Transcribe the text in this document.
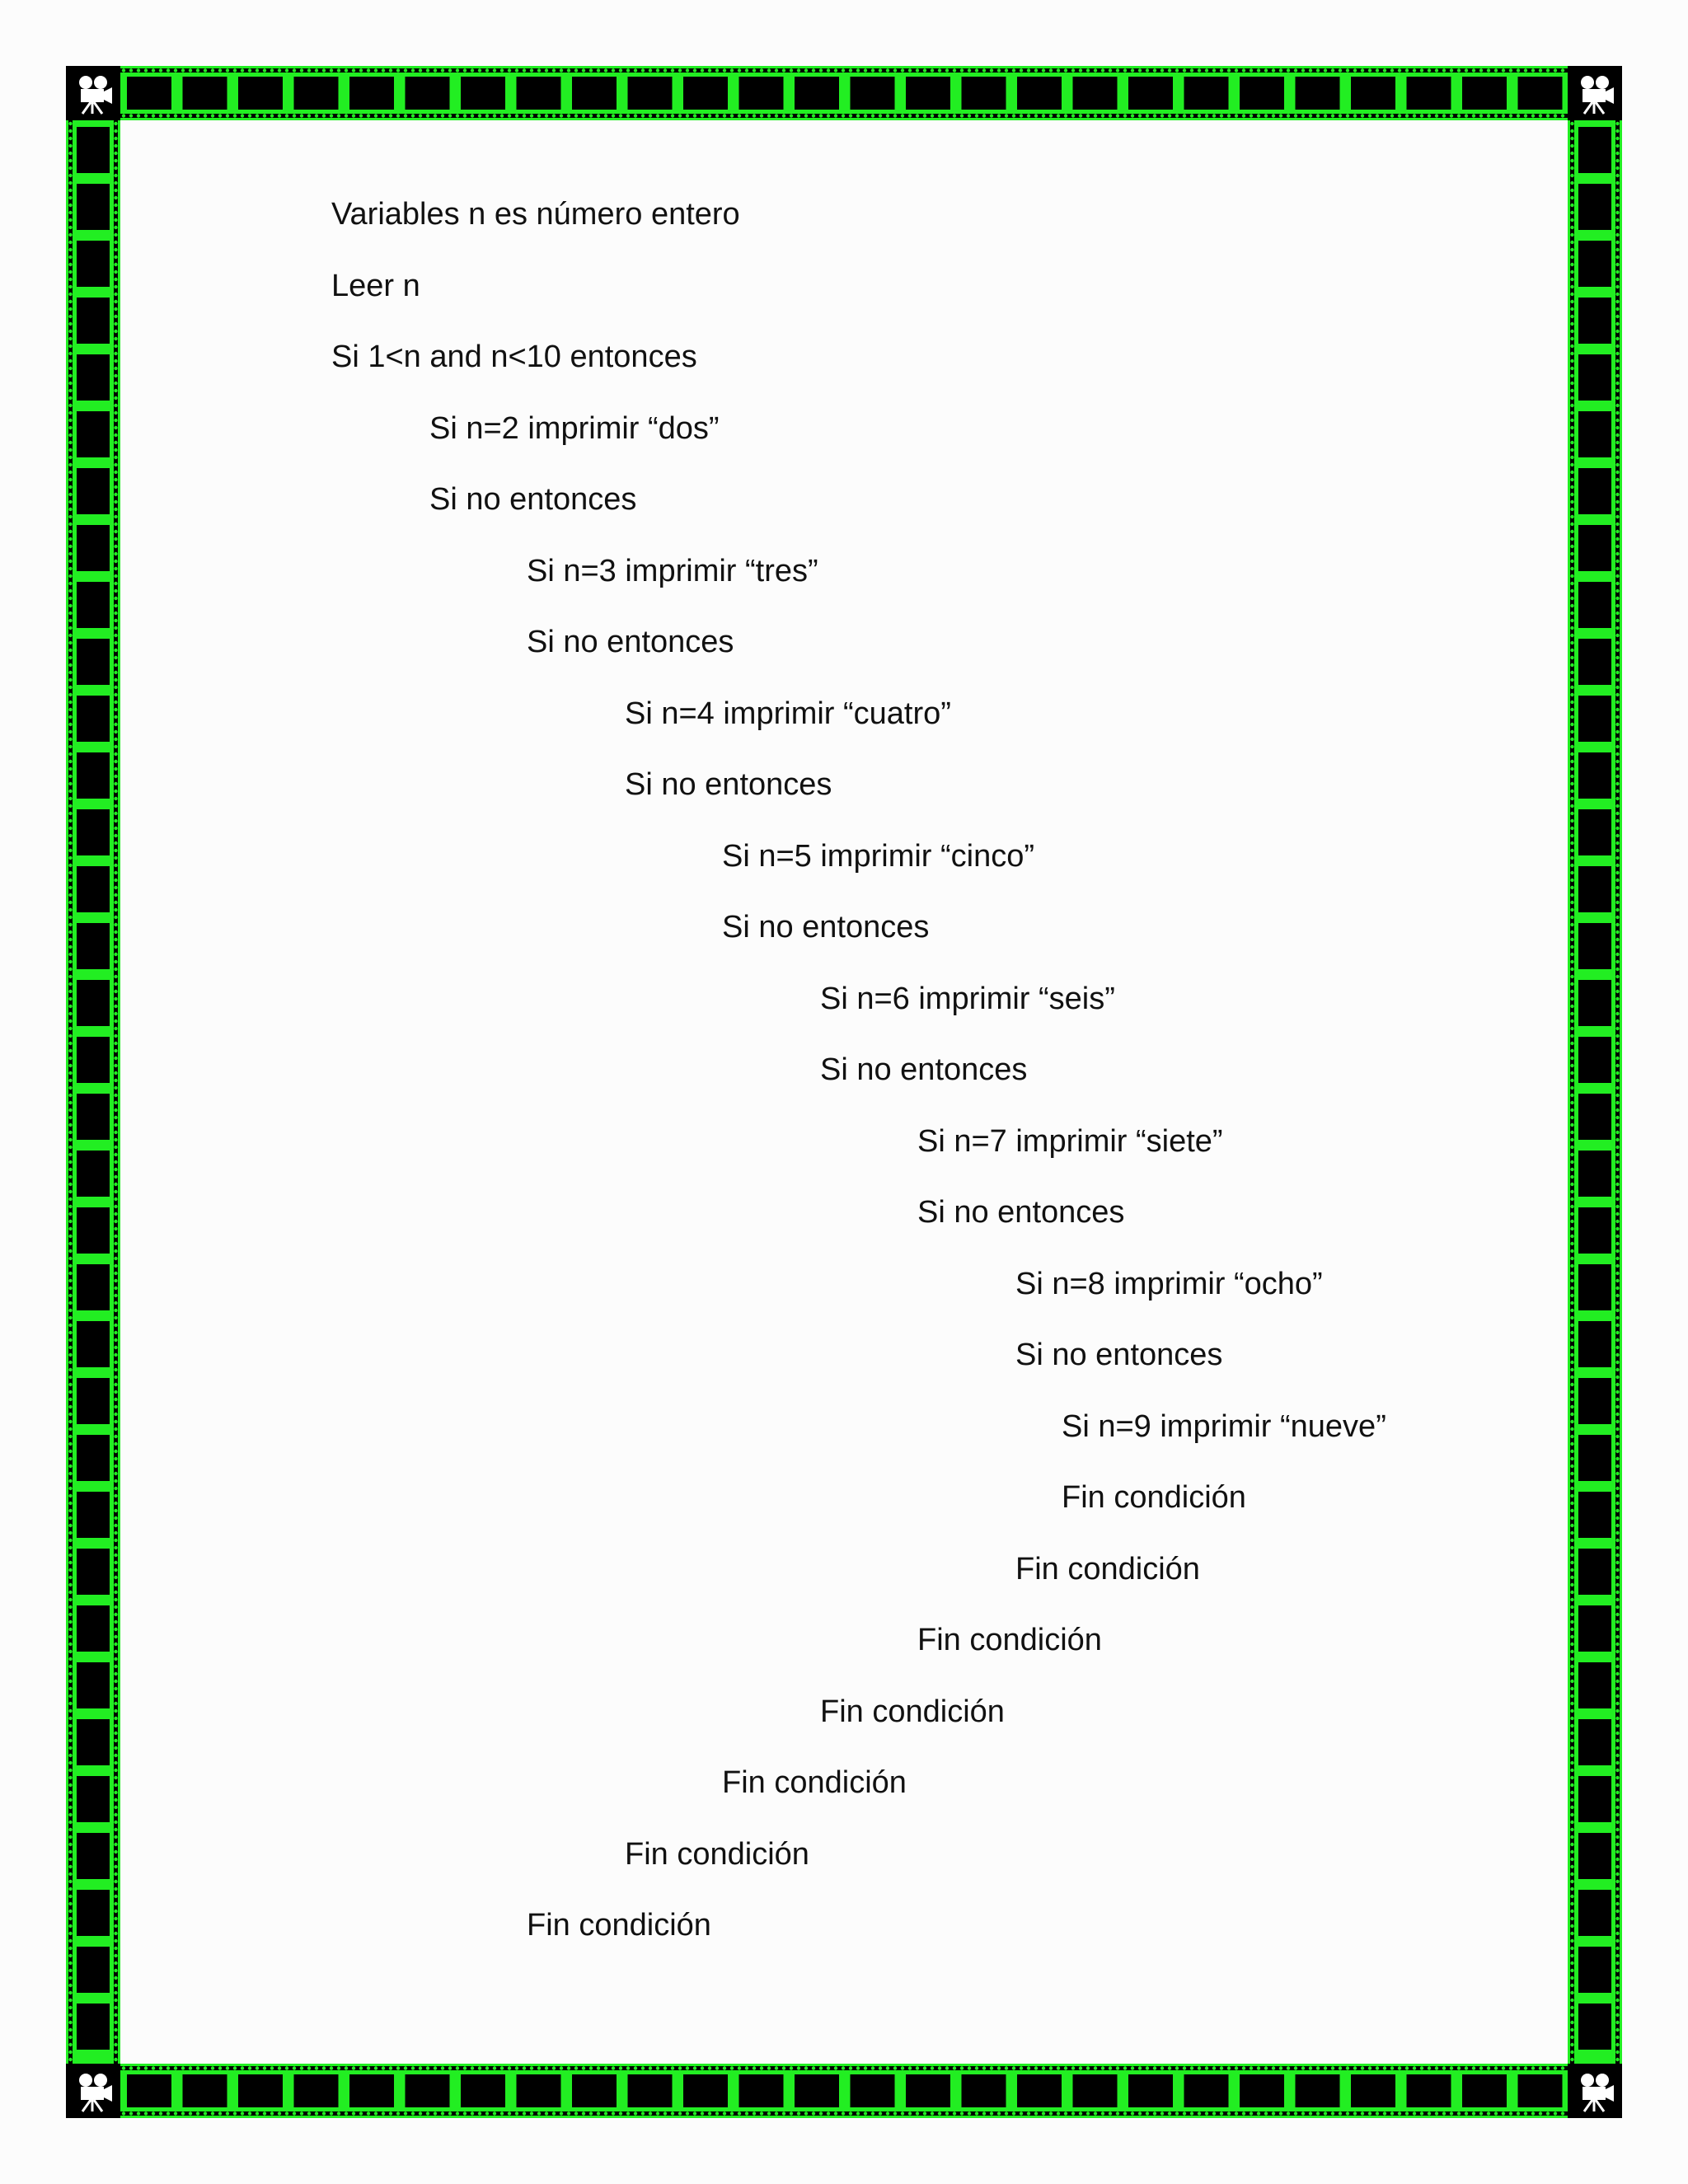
Variables n es número entero
Leer n
Si 1<n and n<10 entonces
Si n=2 imprimir “dos”
Si no entonces
Si n=3 imprimir “tres”
Si no entonces
Si n=4 imprimir “cuatro”
Si no entonces
Si n=5 imprimir “cinco”
Si no entonces
Si n=6 imprimir “seis”
Si no entonces
Si n=7 imprimir “siete”
Si no entonces
Si n=8 imprimir “ocho”
Si no entonces
Si n=9 imprimir “nueve”
Fin condición
Fin condición
Fin condición
Fin condición
Fin condición
Fin condición
Fin condición
